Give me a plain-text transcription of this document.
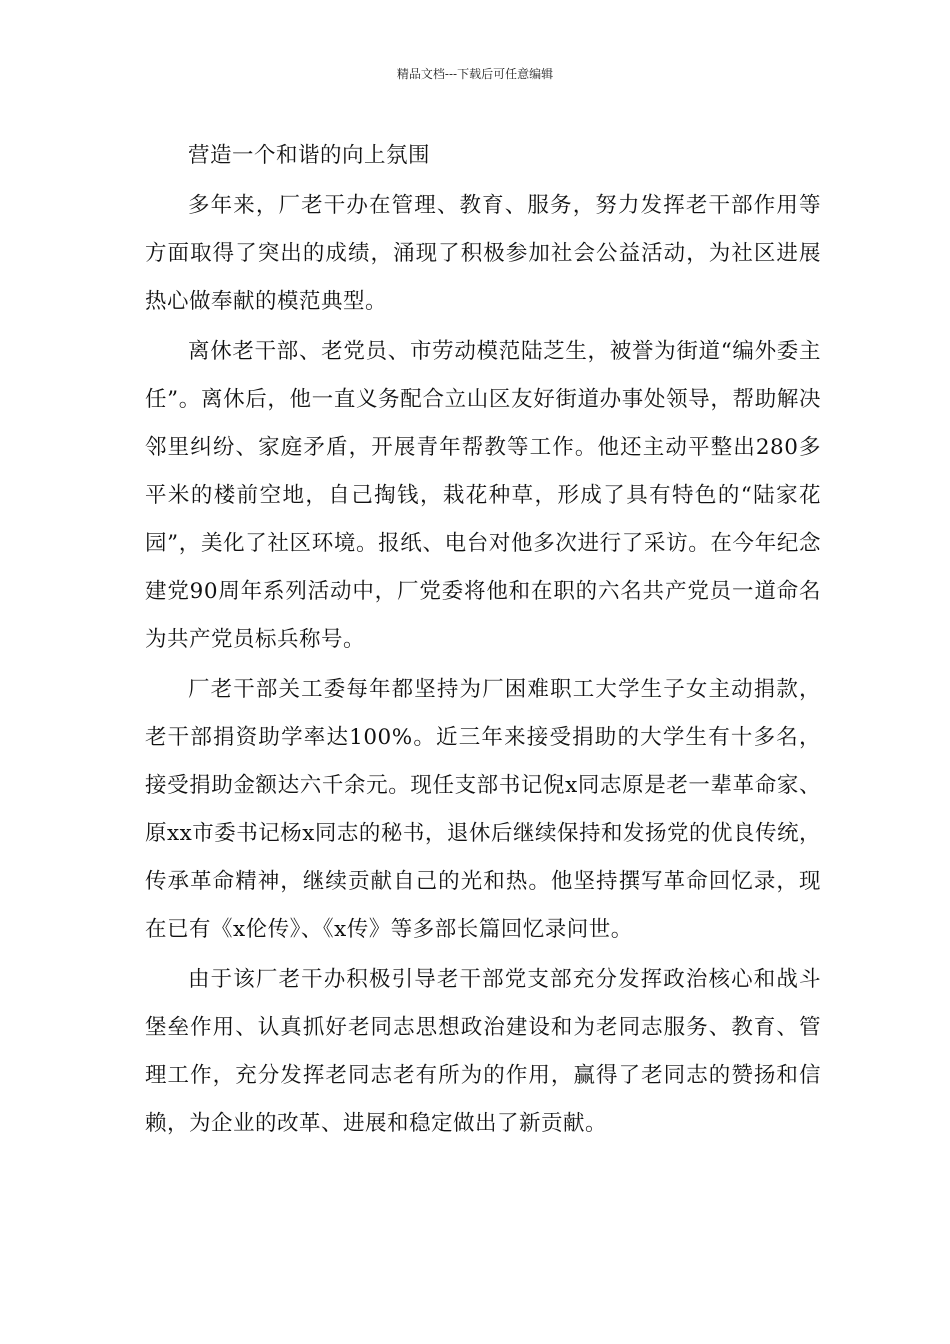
精品文档---下载后可任意编辑

营造一个和谐的向上氛围

多年来，厂老干办在管理、教育、服务，努力发挥老干部作用等方面取得了突出的成绩，涌现了积极参加社会公益活动，为社区进展热心做奉献的模范典型。

离休老干部、老党员、市劳动模范陆芝生，被誉为街道“编外委主任”。离休后，他一直义务配合立山区友好街道办事处领导，帮助解决邻里纠纷、家庭矛盾，开展青年帮教等工作。他还主动平整出280多平米的楼前空地，自己掏钱，栽花种草，形成了具有特色的“陆家花园”，美化了社区环境。报纸、电台对他多次进行了采访。在今年纪念建党90周年系列活动中，厂党委将他和在职的六名共产党员一道命名为共产党员标兵称号。

厂老干部关工委每年都坚持为厂困难职工大学生子女主动捐款，老干部捐资助学率达100%。近三年来接受捐助的大学生有十多名，接受捐助金额达六千余元。现任支部书记倪x同志原是老一辈革命家、原xx市委书记杨x同志的秘书，退休后继续保持和发扬党的优良传统，传承革命精神，继续贡献自己的光和热。他坚持撰写革命回忆录，现在已有《x伦传》、《x传》等多部长篇回忆录问世。

由于该厂老干办积极引导老干部党支部充分发挥政治核心和战斗堡垒作用、认真抓好老同志思想政治建设和为老同志服务、教育、管理工作，充分发挥老同志老有所为的作用，赢得了老同志的赞扬和信赖，为企业的改革、进展和稳定做出了新贡献。
